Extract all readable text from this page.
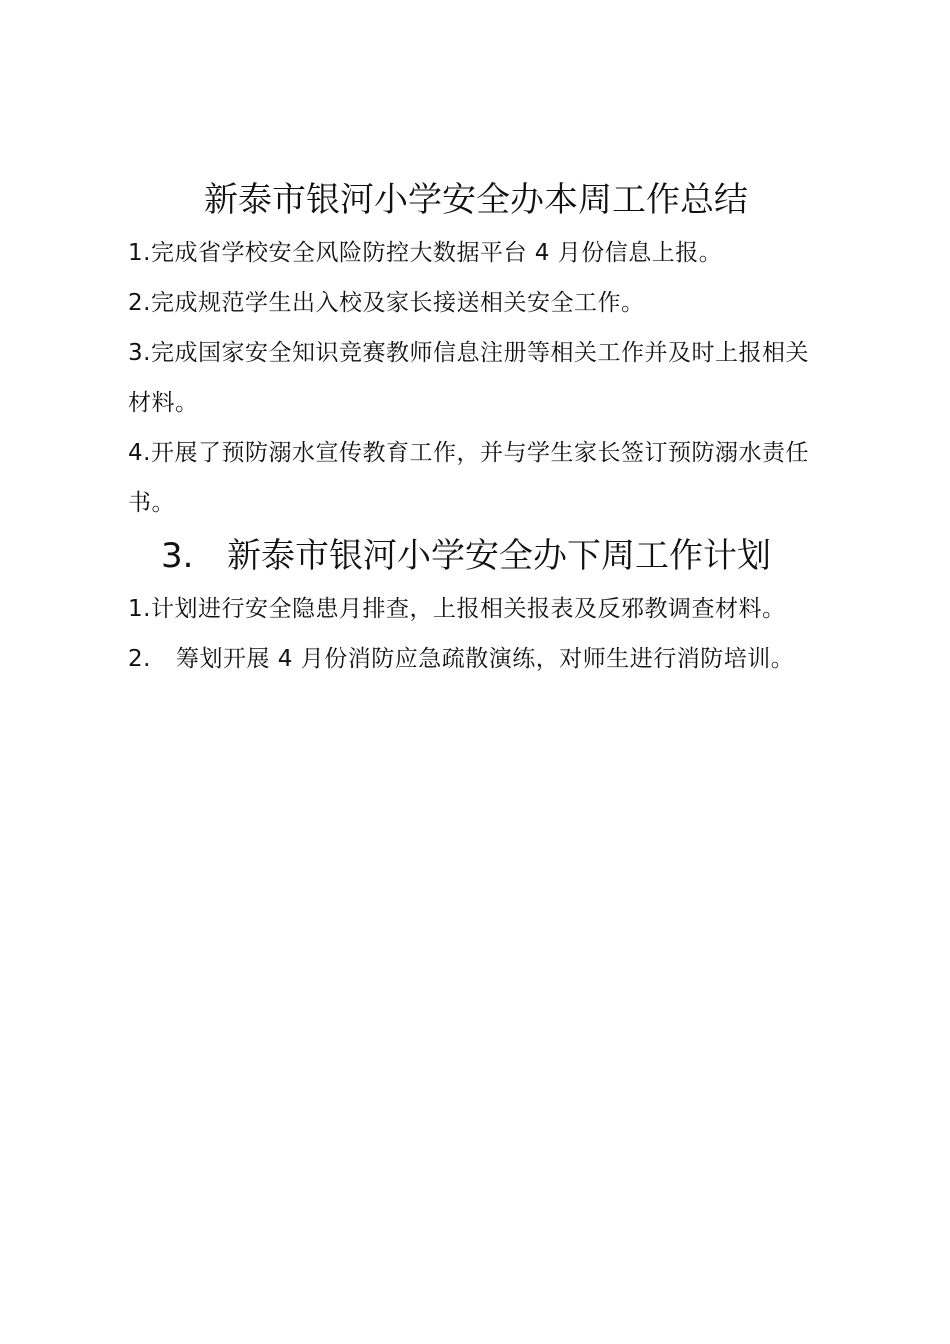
新泰市银河小学安全办本周工作总结

1.完成省学校安全风险防控大数据平台 4 月份信息上报。

2.完成规范学生出入校及家长接送相关安全工作。

3.完成国家安全知识竞赛教师信息注册等相关工作并及时上报相关材料。

4.开展了预防溺水宣传教育工作，并与学生家长签订预防溺水责任书。

3. 新泰市银河小学安全办下周工作计划

1.计划进行安全隐患月排查，上报相关报表及反邪教调查材料。

2. 筹划开展 4 月份消防应急疏散演练，对师生进行消防培训。
